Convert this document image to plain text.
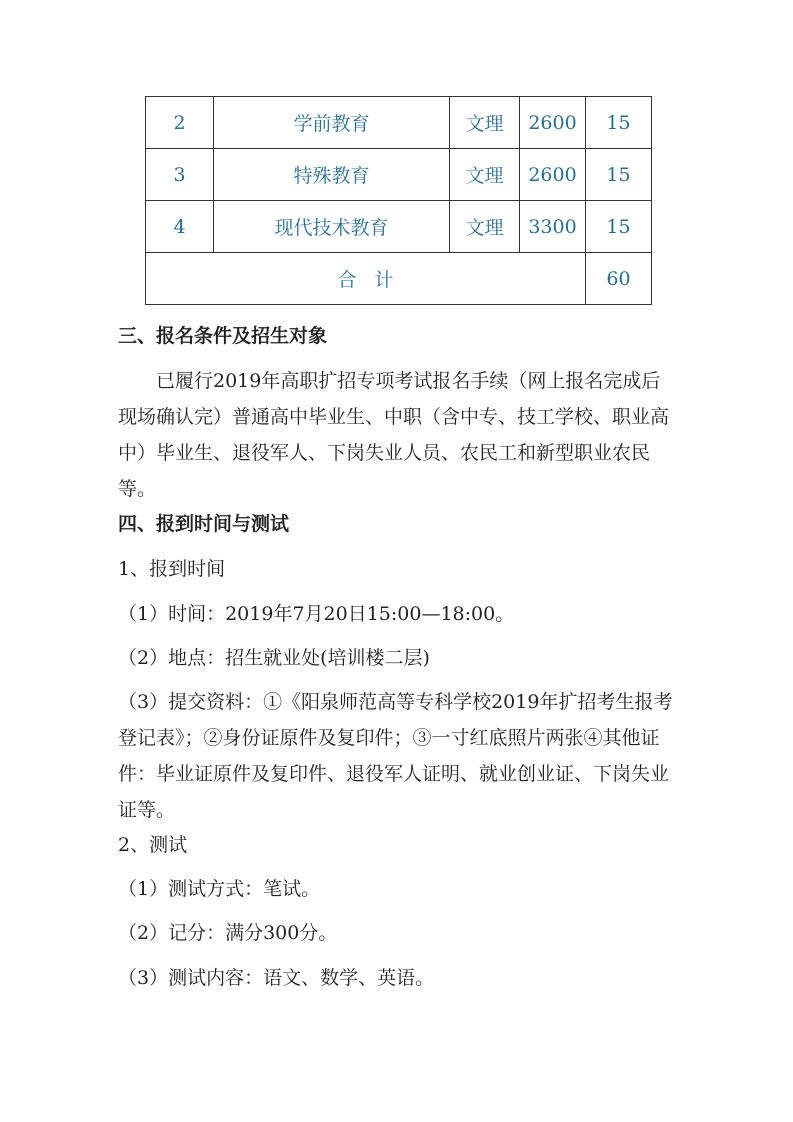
2	学前教育	文理	2600	15
3	特殊教育	文理	2600	15
4	现代技术教育	文理	3300	15
合计				60
三、报名条件及招生对象
已履行2019年高职扩招专项考试报名手续（网上报名完成后现场确认完）普通高中毕业生、中职（含中专、技工学校、职业高中）毕业生、退役军人、下岗失业人员、农民工和新型职业农民等。
四、报到时间与测试
1、报到时间
（1）时间：2019年7月20日15:00—18:00。
（2）地点：招生就业处(培训楼二层)
（3）提交资料：①《阳泉师范高等专科学校2019年扩招考生报考登记表》；②身份证原件及复印件；③一寸红底照片两张④其他证件：毕业证原件及复印件、退役军人证明、就业创业证、下岗失业证等。
2、测试
（1）测试方式：笔试。
（2）记分：满分300分。
（3）测试内容：语文、数学、英语。
